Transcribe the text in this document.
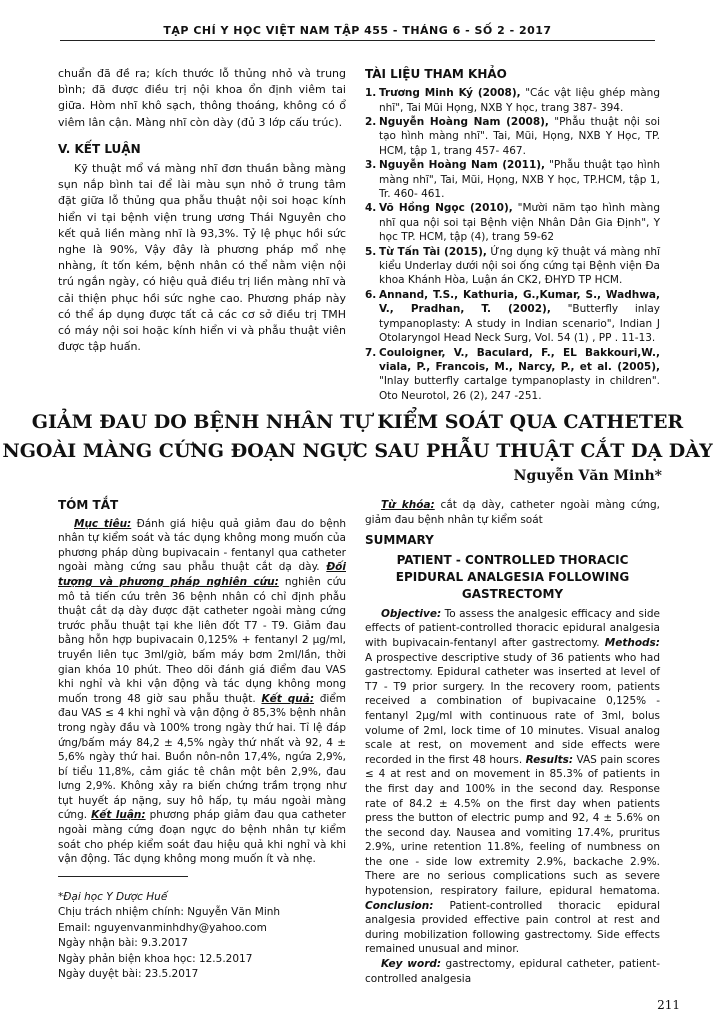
TẠP CHÍ Y HỌC VIỆT NAM TẬP 455 - THÁNG 6 - SỐ 2 - 2017

chuẩn đã đề ra; kích thước lỗ thủng nhỏ và trung bình; đã được điều trị nội khoa ổn định viêm tai giữa. Hòm nhĩ khô sạch, thông thoáng, không có ổ viêm lân cận. Màng nhĩ còn dày (đủ 3 lớp cấu trúc).

V. KẾT LUẬN

Kỹ thuật mổ vá màng nhĩ đơn thuần bằng màng sụn nắp bình tai để lài màu sụn nhỏ ở trung tâm đặt giữa lỗ thủng qua phẫu thuật nội soi hoạc kính hiển vi tại bệnh viện trung ương Thái Nguyên cho kết quả liền màng nhĩ là 93,3%. Tỷ lệ phục hồi sức nghe là 90%, Vậy đây là phương pháp mổ nhẹ nhàng, ít tốn kém, bệnh nhân có thể nằm viện nội trú ngắn ngày, có hiệu quả điều trị liền màng nhĩ và cải thiện phục hồi sức nghe cao. Phương pháp này có thể áp dụng được tất cả các cơ sở điều trị TMH có máy nội soi hoặc kính hiển vi và phẫu thuật viên được tập huấn.

TÀI LIỆU THAM KHẢO
1. Trương Minh Ký (2008), "Các vật liệu ghép màng nhĩ", Tai Mũi Họng, NXB Y học, trang 387- 394.
2. Nguyễn Hoàng Nam (2008), "Phẫu thuật nội soi tạo hình màng nhĩ". Tai, Mũi, Họng, NXB Y Học, TP. HCM, tập 1, trang 457- 467.
3. Nguyễn Hoàng Nam (2011), "Phẫu thuật tạo hình màng nhĩ", Tai, Mũi, Họng, NXB Y học, TP.HCM, tập 1, Tr. 460- 461.
4. Võ Hồng Ngọc (2010), "Mười năm tạo hình màng nhĩ qua nội soi tại Bệnh viện Nhân Dân Gia Định", Y học TP. HCM, tập (4), trang 59-62
5. Từ Tấn Tài (2015), Ứng dụng kỹ thuật vá màng nhĩ kiểu Underlay dưới nội soi ống cứng tại Bệnh viện Đa khoa Khánh Hòa, Luận án CK2, ĐHYD TP HCM.
6. Annand, T.S., Kathuria, G.,Kumar, S., Wadhwa, V., Pradhan, T. (2002), "Butterfly inlay tympanoplasty: A study in Indian scenario", Indian J Otolaryngol Head Neck Surg, Vol. 54 (1) , PP . 11-13.
7. Couloigner, V., Baculard, F., EL Bakkouri,W., viala, P., Francois, M., Narcy, P., et al. (2005), "Inlay butterfly cartalge tympanoplasty in children". Oto Neurotol, 26 (2), 247 -251.
GIẢM ĐAU DO BỆNH NHÂN TỰ KIỂM SOÁT QUA CATHETER
NGOÀI MÀNG CỨNG ĐOẠN NGỰC SAU PHẪU THUẬT CẮT DẠ DÀY
Nguyễn Văn Minh*
TÓM TẮT

Mục tiêu: Đánh giá hiệu quả giảm đau do bệnh nhân tự kiểm soát và tác dụng không mong muốn của phương pháp dùng bupivacain - fentanyl qua catheter ngoài màng cứng sau phẫu thuật cắt dạ dày. Đối tượng và phương pháp nghiên cứu: nghiên cứu mô tả tiến cứu trên 36 bệnh nhân có chỉ định phẫu thuật cắt dạ dày được đặt catheter ngoài màng cứng trước phẫu thuật tại khe liên đốt T7 - T9. Giảm đau bằng hỗn hợp bupivacain 0,125% + fentanyl 2 µg/ml, truyền liên tục 3ml/giờ, bấm máy bơm 2ml/lần, thời gian khóa 10 phút. Theo dõi đánh giá điểm đau VAS khi nghỉ và khi vận động và tác dụng không mong muốn trong 48 giờ sau phẫu thuật. Kết quả: điểm đau VAS ≤ 4 khi nghỉ và vận động ở 85,3% bệnh nhân trong ngày đầu và 100% trong ngày thứ hai. Tỉ lệ đáp ứng/bấm máy 84,2 ± 4,5% ngày thứ nhất và 92, 4 ± 5,6% ngày thứ hai. Buồn nôn-nôn 17,4%, ngứa 2,9%, bí tiểu 11,8%, cảm giác tê chân một bên 2,9%, đau lưng 2,9%. Không xảy ra biến chứng trầm trọng như tụt huyết áp nặng, suy hô hấp, tụ máu ngoài màng cứng. Kết luận: phương pháp giảm đau qua catheter ngoài màng cứng đoạn ngực do bệnh nhân tự kiểm soát cho phép kiểm soát đau hiệu quả khi nghỉ và khi vận động. Tác dụng không mong muốn ít và nhẹ.

Từ khóa: cắt dạ dày, catheter ngoài màng cứng, giảm đau bệnh nhân tự kiểm soát

SUMMARY
PATIENT - CONTROLLED THORACIC EPIDURAL ANALGESIA FOLLOWING GASTRECTOMY

Objective: To assess the analgesic efficacy and side effects of patient-controlled thoracic epidural analgesia with bupivacain-fentanyl after gastrectomy. Methods: A prospective descriptive study of 36 patients who had gastrectomy. Epidural catheter was inserted at level of T7 - T9 prior surgery. In the recovery room, patients received a combination of bupivacaine 0,125% - fentanyl 2µg/ml with continuous rate of 3ml, bolus volume of 2ml, lock time of 10 minutes. Visual analog scale at rest, on movement and side effects were recorded in the first 48 hours. Results: VAS pain scores ≤ 4 at rest and on movement in 85.3% of patients in the first day and 100% in the second day. Response rate of 84.2 ± 4.5% on the first day when patients press the button of electric pump and 92, 4 ± 5.6% on the second day. Nausea and vomiting 17.4%, pruritus 2.9%, urine retention 11.8%, feeling of numbness on the one - side low extremity 2.9%, backache 2.9%. There are no serious complications such as severe hypotension, respiratory failure, epidural hematoma. Conclusion: Patient-controlled thoracic epidural analgesia provided effective pain control at rest and during mobilization following gastrectomy. Side effects remained unusual and minor.

Key word: gastrectomy, epidural catheter, patient-controlled analgesia

*Đại học Y Dược Huế
Chịu trách nhiệm chính: Nguyễn Văn Minh
Email: nguyenvanminhdhy@yahoo.com
Ngày nhận bài: 9.3.2017
Ngày phản biện khoa học: 12.5.2017
Ngày duyệt bài: 23.5.2017
211
